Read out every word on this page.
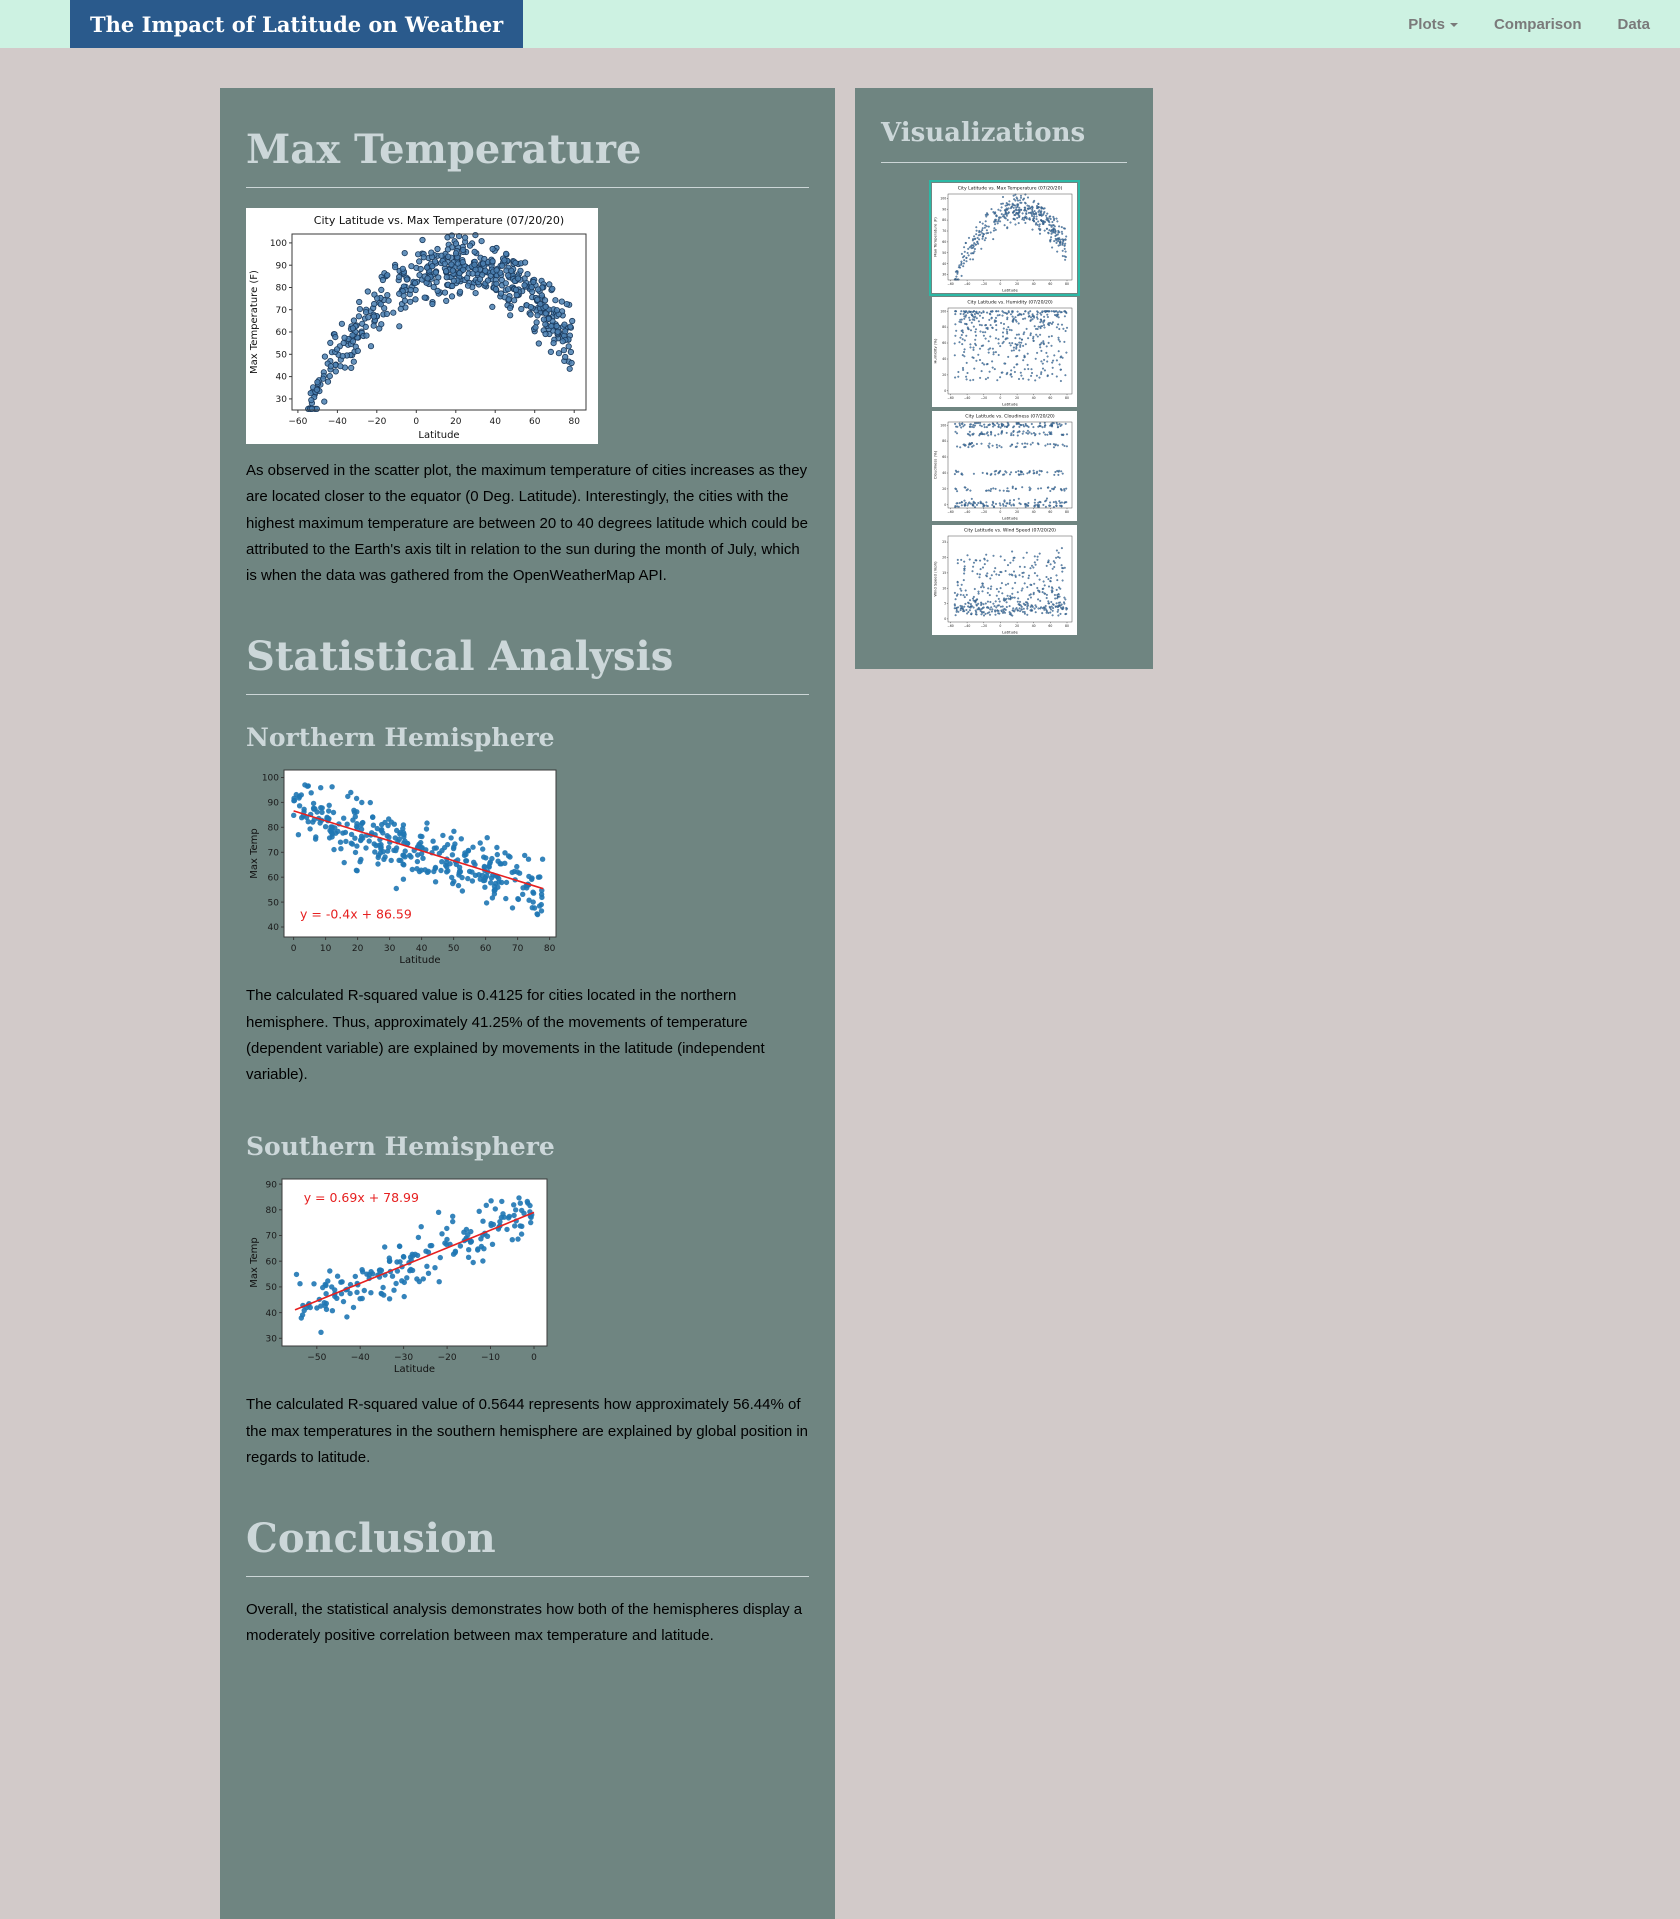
The Impact of Latitude on Weather	Plots	Comparison Data
Max Temperature
−60 −40 −20	0	20	40	60	80
30
40
50
60
70
80
90
100
Latitude
Max Temperature (F)
City Latitude vs. Max Temperature (07/20/20)

As observed in the scatter plot, the maximum temperature of cities increases as they are located closer to the equator (0 Deg. Latitude). Interestingly, the cities with the highest maximum temperature are between 20 to 40 degrees latitude which could be attributed to the Earth's axis tilt in relation to the sun during the month of July, which is when the data was gathered from the OpenWeatherMap API.

Statistical Analysis
Northern Hemisphere
y = -0.4x + 86.59
0	10 20 30 40 50 60 70 80
40
50
60
70
80
90
100
Latitude
Max Temp

The calculated R-squared value is 0.4125 for cities located in the northern hemisphere. Thus, approximately 41.25% of the movements of temperature (dependent variable) are explained by movements in the latitude (independent variable).

Southern Hemisphere
y = 0.69x + 78.99
−50	−40	−30	−20	−10	0
30
40
50
60
70
80
90
Latitude
Max Temp

The calculated R-squared value of 0.5644 represents how approximately 56.44% of the max temperatures in the southern hemisphere are explained by global position in regards to latitude.

Conclusion

Overall, the statistical analysis demonstrates how both of the hemispheres display a moderately positive correlation between max temperature and latitude.

Visualizations
−60	−40	−20	0	20	40	60	80
30
40
50
60
70
80
90
100
Latitude
Max Temperature (F)
City Latitude vs. Max Temperature (07/20/20)
−60	−40	−20	0	20	40	60	80
0
20
40
60
80
100
Latitude
Humidity (%)
City Latitude vs. Humidity (07/20/20)
−60	−40	−20	0	20	40	60	80
0
20
40
60
80
100
Latitude
Cloudiness (%)
City Latitude vs. Cloudiness (07/20/20)
−60	−40	−20	0	20	40	60	80
0
5
10
15
20
25
Latitude
Wind Speed (mph)
City Latitude vs. Wind Speed (07/20/20)
